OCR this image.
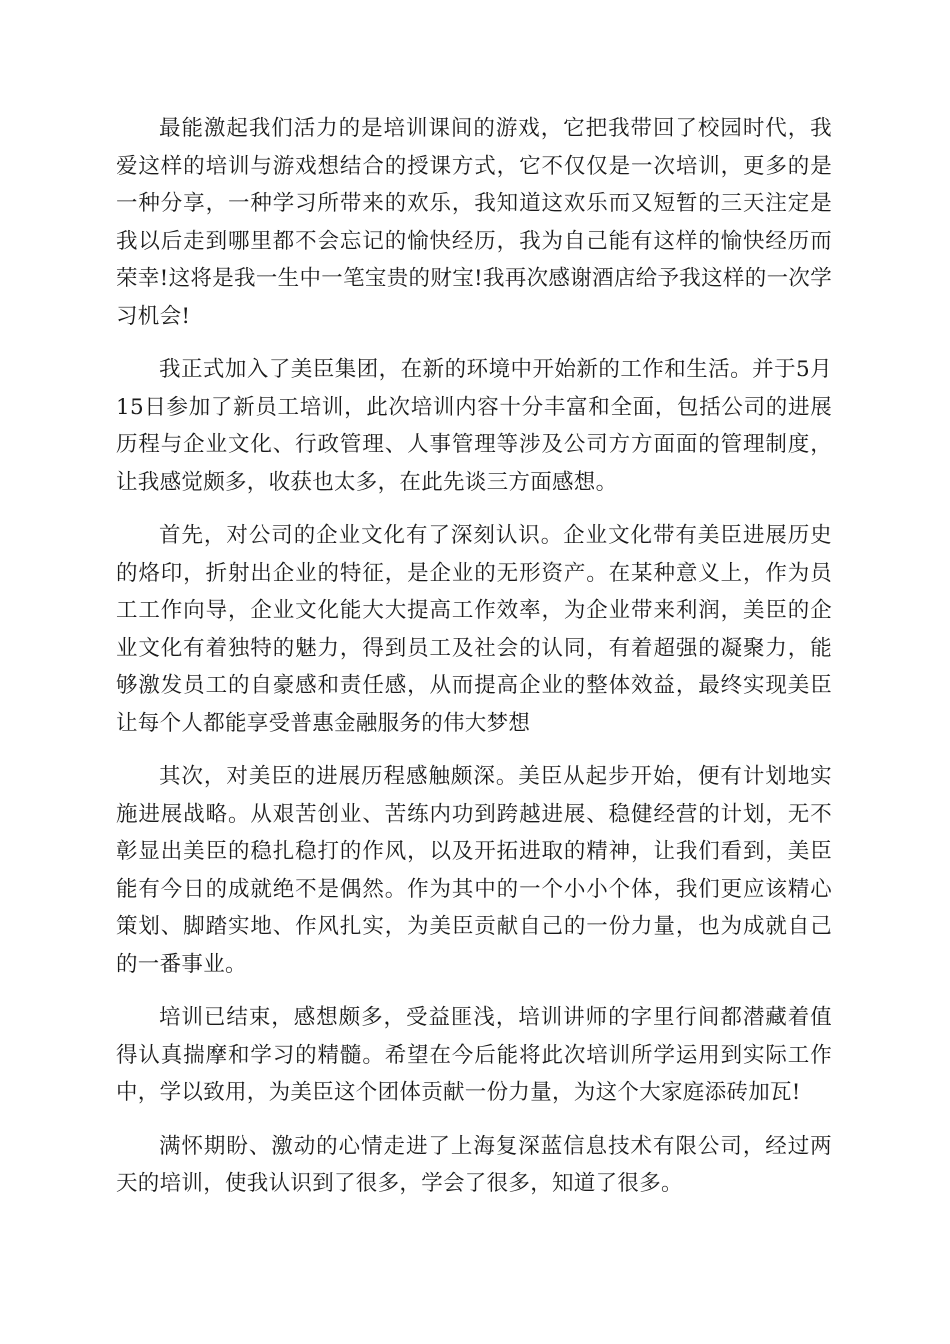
最能激起我们活力的是培训课间的游戏，它把我带回了校园时代，我爱这样的培训与游戏想结合的授课方式，它不仅仅是一次培训，更多的是一种分享，一种学习所带来的欢乐，我知道这欢乐而又短暂的三天注定是我以后走到哪里都不会忘记的愉快经历，我为自己能有这样的愉快经历而荣幸!这将是我一生中一笔宝贵的财宝!我再次感谢酒店给予我这样的一次学习机会!

我正式加入了美臣集团，在新的环境中开始新的工作和生活。并于5月15日参加了新员工培训，此次培训内容十分丰富和全面，包括公司的进展历程与企业文化、行政管理、人事管理等涉及公司方方面面的管理制度，让我感觉颇多，收获也太多，在此先谈三方面感想。

首先，对公司的企业文化有了深刻认识。企业文化带有美臣进展历史的烙印，折射出企业的特征，是企业的无形资产。在某种意义上，作为员工工作向导，企业文化能大大提高工作效率，为企业带来利润，美臣的企业文化有着独特的魅力，得到员工及社会的认同，有着超强的凝聚力，能够激发员工的自豪感和责任感，从而提高企业的整体效益，最终实现美臣让每个人都能享受普惠金融服务的伟大梦想

其次，对美臣的进展历程感触颇深。美臣从起步开始，便有计划地实施进展战略。从艰苦创业、苦练内功到跨越进展、稳健经营的计划，无不彰显出美臣的稳扎稳打的作风，以及开拓进取的精神，让我们看到，美臣能有今日的成就绝不是偶然。作为其中的一个小小个体，我们更应该精心策划、脚踏实地、作风扎实，为美臣贡献自己的一份力量，也为成就自己的一番事业。

培训已结束，感想颇多，受益匪浅，培训讲师的字里行间都潜藏着值得认真揣摩和学习的精髓。希望在今后能将此次培训所学运用到实际工作中，学以致用，为美臣这个团体贡献一份力量，为这个大家庭添砖加瓦!

满怀期盼、激动的心情走进了上海复深蓝信息技术有限公司，经过两天的培训，使我认识到了很多，学会了很多，知道了很多。
